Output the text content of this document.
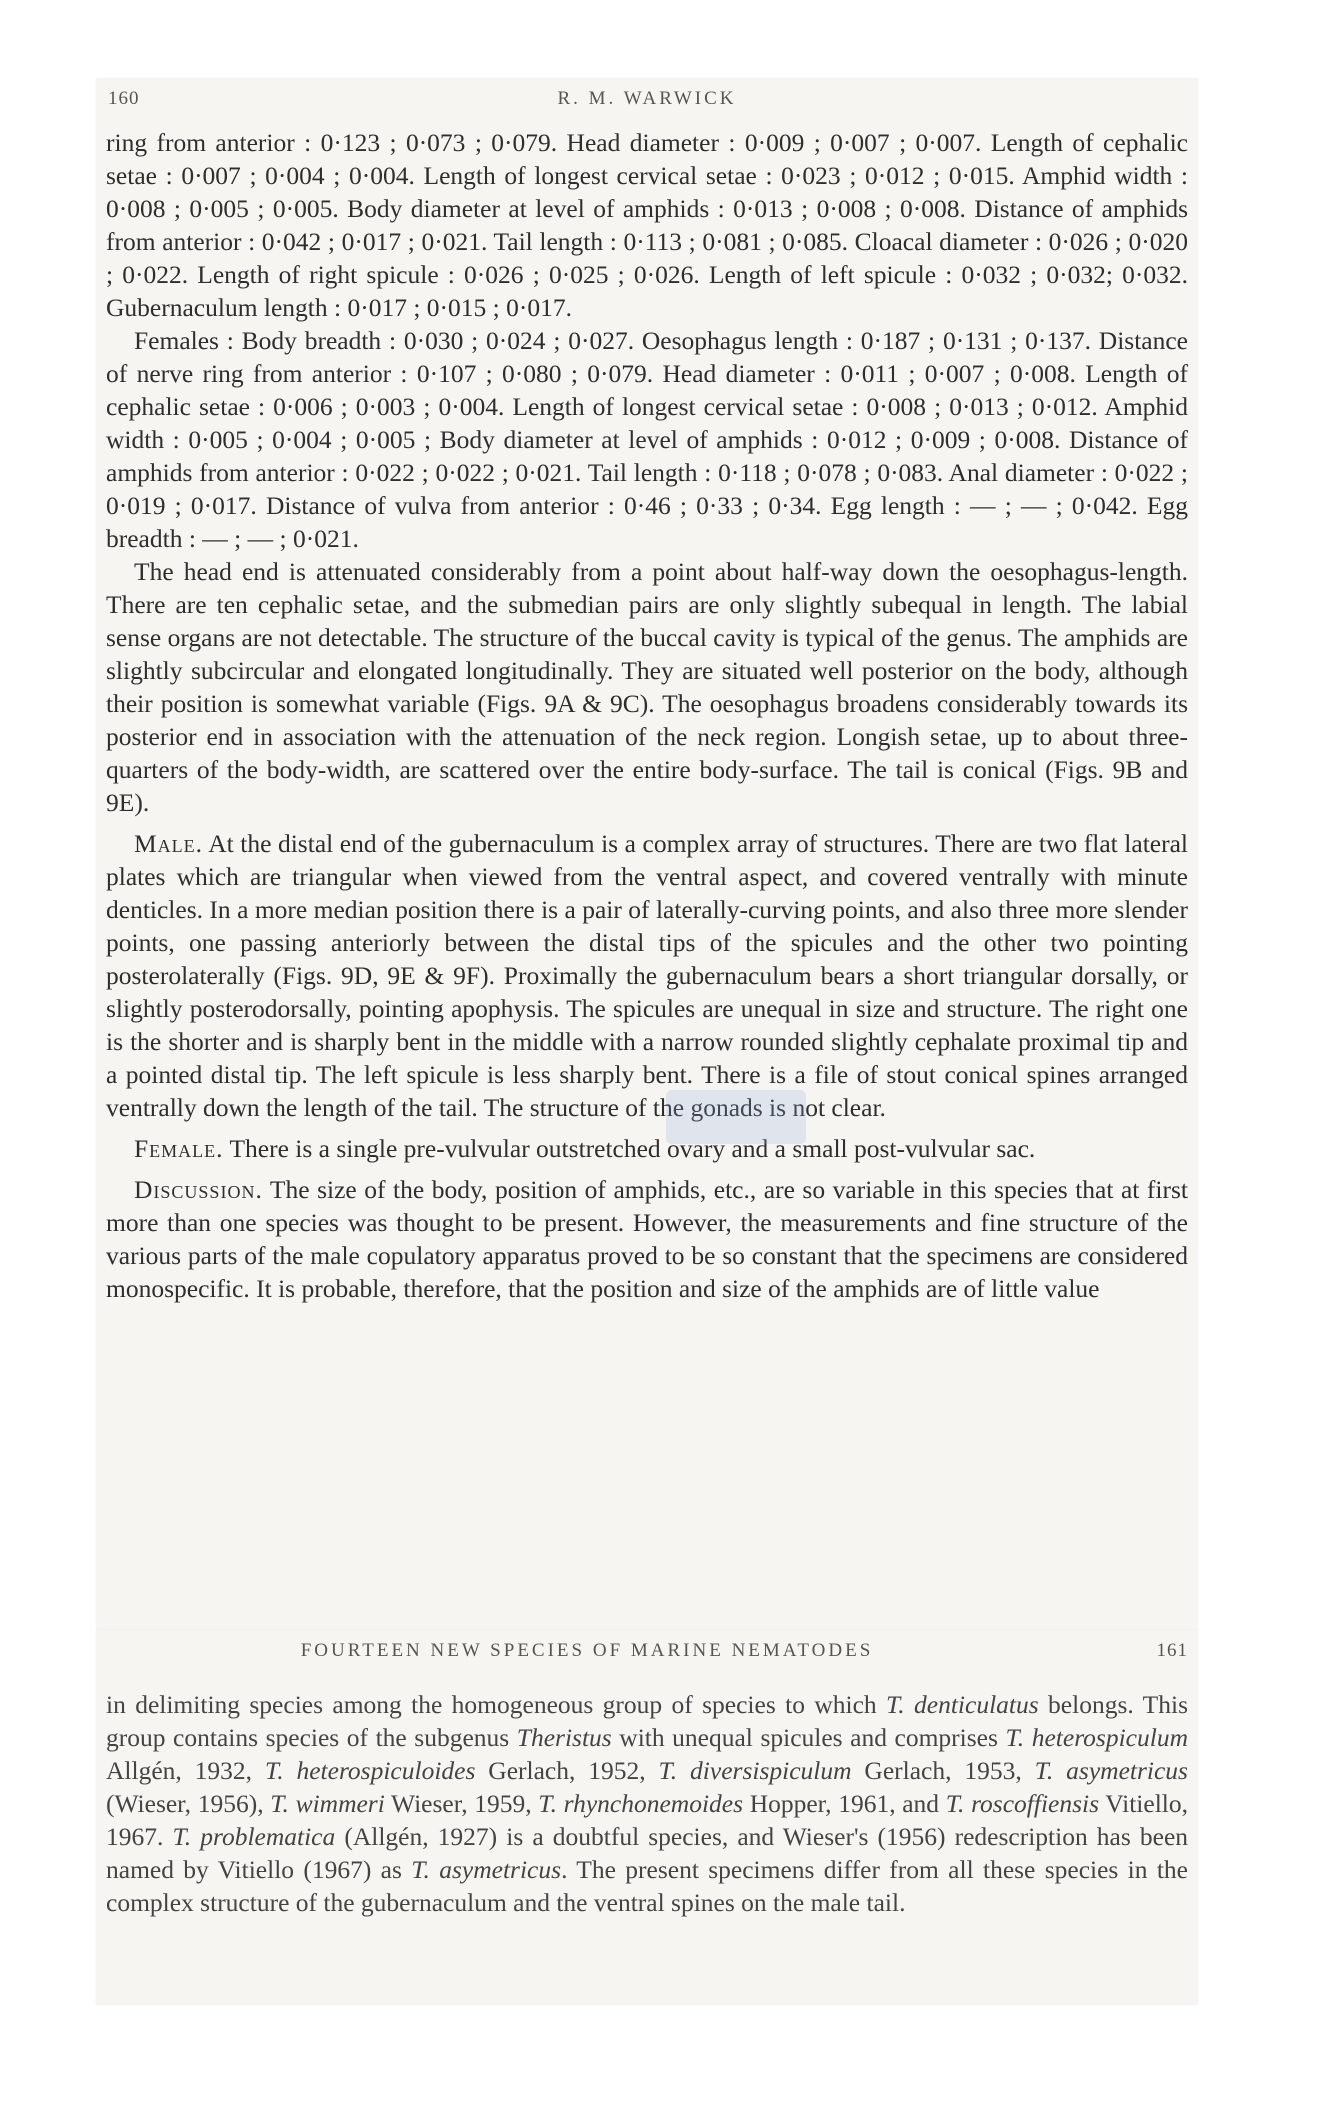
160	R. M. WARWICK

ring from anterior : 0·123 ; 0·073 ; 0·079. Head diameter : 0·009 ; 0·007 ; 0·007. Length of cephalic setae : 0·007 ; 0·004 ; 0·004. Length of longest cervical setae : 0·023 ; 0·012 ; 0·015. Amphid width : 0·008 ; 0·005 ; 0·005. Body diameter at level of amphids : 0·013 ; 0·008 ; 0·008. Distance of amphids from anterior : 0·042 ; 0·017 ; 0·021. Tail length : 0·113 ; 0·081 ; 0·085. Cloacal diameter : 0·026 ; 0·020 ; 0·022. Length of right spicule : 0·026 ; 0·025 ; 0·026. Length of left spicule : 0·032 ; 0·032; 0·032. Gubernaculum length : 0·017 ; 0·015 ; 0·017.

Females : Body breadth : 0·030 ; 0·024 ; 0·027. Oesophagus length : 0·187 ; 0·131 ; 0·137. Distance of nerve ring from anterior : 0·107 ; 0·080 ; 0·079. Head diameter : 0·011 ; 0·007 ; 0·008. Length of cephalic setae : 0·006 ; 0·003 ; 0·004. Length of longest cervical setae : 0·008 ; 0·013 ; 0·012. Amphid width : 0·005 ; 0·004 ; 0·005 ; Body diameter at level of amphids : 0·012 ; 0·009 ; 0·008. Distance of amphids from anterior : 0·022 ; 0·022 ; 0·021. Tail length : 0·118 ; 0·078 ; 0·083. Anal diameter : 0·022 ; 0·019 ; 0·017. Distance of vulva from anterior : 0·46 ; 0·33 ; 0·34. Egg length : — ; — ; 0·042. Egg breadth : — ; — ; 0·021.

The head end is attenuated considerably from a point about half-way down the oesophagus-length. There are ten cephalic setae, and the submedian pairs are only slightly subequal in length. The labial sense organs are not detectable. The structure of the buccal cavity is typical of the genus. The amphids are slightly subcircular and elongated longitudinally. They are situated well posterior on the body, although their position is somewhat variable (Figs. 9A & 9C). The oesophagus broadens considerably towards its posterior end in association with the attenuation of the neck region. Longish setae, up to about three-quarters of the body-width, are scattered over the entire body-surface. The tail is conical (Figs. 9B and 9E).

Male. At the distal end of the gubernaculum is a complex array of structures. There are two flat lateral plates which are triangular when viewed from the ventral aspect, and covered ventrally with minute denticles. In a more median position there is a pair of laterally-curving points, and also three more slender points, one passing anteriorly between the distal tips of the spicules and the other two pointing posterolaterally (Figs. 9D, 9E & 9F). Proximally the gubernaculum bears a short triangular dorsally, or slightly posterodorsally, pointing apophysis. The spicules are unequal in size and structure. The right one is the shorter and is sharply bent in the middle with a narrow rounded slightly cephalate proximal tip and a pointed distal tip. The left spicule is less sharply bent. There is a file of stout conical spines arranged ventrally down the length of the tail. The structure of the gonads is not clear.

Female. There is a single pre-vulvular outstretched ovary and a small post-vulvular sac.

Discussion. The size of the body, position of amphids, etc., are so variable in this species that at first more than one species was thought to be present. However, the measurements and fine structure of the various parts of the male copulatory apparatus proved to be so constant that the specimens are considered monospecific. It is probable, therefore, that the position and size of the amphids are of little value

FOURTEEN NEW SPECIES OF MARINE NEMATODES	161

in delimiting species among the homogeneous group of species to which T. denticulatus belongs. This group contains species of the subgenus Theristus with unequal spicules and comprises T. heterospiculum Allgén, 1932, T. heterospiculoides Gerlach, 1952, T. diversispiculum Gerlach, 1953, T. asymetricus (Wieser, 1956), T. wimmeri Wieser, 1959, T. rhynchonemoides Hopper, 1961, and T. roscoffiensis Vitiello, 1967. T. problematica (Allgén, 1927) is a doubtful species, and Wieser's (1956) redescription has been named by Vitiello (1967) as T. asymetricus. The present specimens differ from all these species in the complex structure of the gubernaculum and the ventral spines on the male tail.
